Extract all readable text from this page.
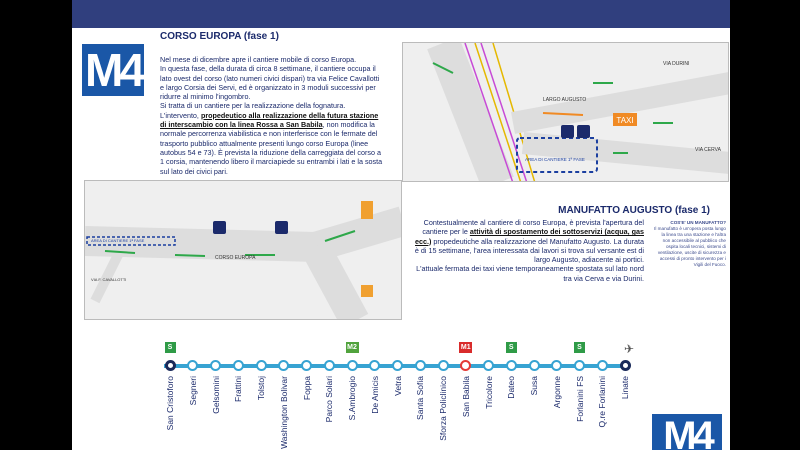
M4
CORSO EUROPA (fase 1)
Nel mese di dicembre apre il cantiere mobile di corso Europa.
In questa fase, della durata di circa 8 settimane, il cantiere occupa il lato ovest del corso (lato numeri civici dispari) tra via Felice Cavallotti e largo Corsia dei Servi, ed è organizzato in 3 moduli successivi per ridurre al minimo l'ingombro.
Si tratta di un cantiere per la realizzazione della fognatura.
L'intervento, propedeutico alla realizzazione della futura stazione di interscambio con la linea Rossa a San Babila, non modifica la normale percorrenza viabilistica e non interferisce con le fermate del trasporto pubblico attualmente presenti lungo corso Europa (linee autobus 54 e 73). È prevista la riduzione della carreggiata del corso a 1 corsia, mantenendo libero il marciapiede su entrambi i lati e la sosta sul lato dei civici pari.
TAXI
VIA DURINI
LARGO AUGUSTO
VIA CERVA
AREA DI CANTIERE 1ª FASE
CORSO EUROPA
AREA DI CANTIERE 1ª FASE
VIA F. CAVALLOTTI
MANUFATTO AUGUSTO (fase 1)
Contestualmente al cantiere di corso Europa, è prevista l'apertura del cantiere per le attività di spostamento dei sottoservizi (acqua, gas ecc.) propedeutiche alla realizzazione del Manufatto Augusto. La durata è di 15 settimane, l'area interessata dai lavori si trova sul versante est di largo Augusto, adiacente ai portici.
L'attuale fermata dei taxi viene temporaneamente spostata sul lato nord tra via Cerva e via Durini.
COS'E' UN MANUFATTO?
Il manufatto è un'opera posta lungo la linea tra una stazione e l'altra non accessibile al pubblico che ospita locali tecnici, sistemi di ventilazione, uscite di sicurezza e accessi di pronto intervento per i Vigili del Fuoco.
San Cristoforo
S
Segneri Gelsomini Frattini Tolstoj Washington Bolivar Foppa Parco Solari S.Ambrogio
M2
De Amicis Vetra Santa Sofia Sforza Policlinico San Babila
M1
Tricolore Dateo
S
Susa Argonne Forlanini FS
S
Q.re Forlanini Linate
✈
M4
